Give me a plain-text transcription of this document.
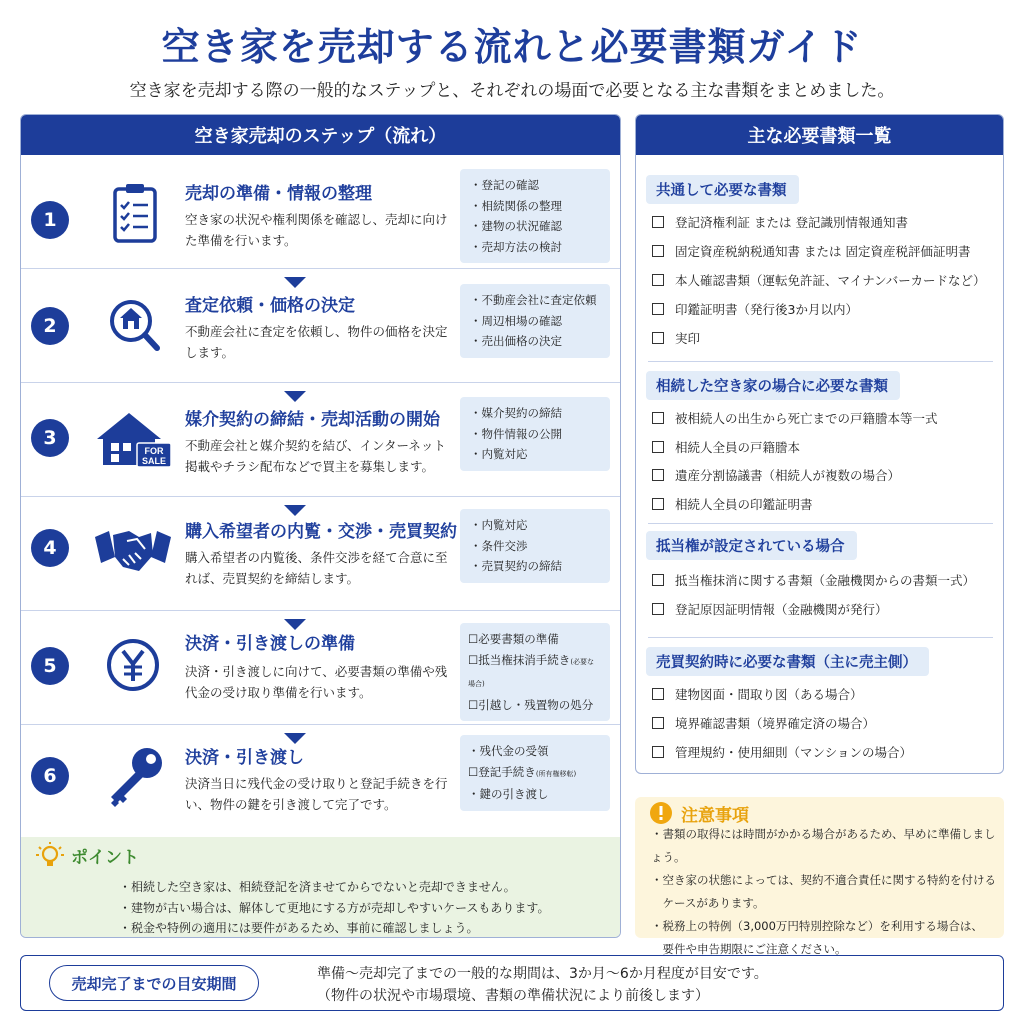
空き家を売却する流れと必要書類ガイド
空き家を売却する際の一般的なステップと、それぞれの場面で必要となる主な書類をまとめました。
空き家売却のステップ（流れ）
1
売却の準備・情報の整理
空き家の状況や権利関係を確認し、売却に向けた準備を行います。
・登記の確認
・相続関係の整理
・建物の状況確認
・売却方法の検討
2
査定依頼・価格の決定
不動産会社に査定を依頼し、物件の価格を決定します。
・不動産会社に査定依頼
・周辺相場の確認
・売出価格の決定
3
FOR
SALE
媒介契約の締結・売却活動の開始
不動産会社と媒介契約を結び、インターネット掲載やチラシ配布などで買主を募集します。
・媒介契約の締結
・物件情報の公開
・内覧対応
4
購入希望者の内覧・交渉・売買契約
購入希望者の内覧後、条件交渉を経て合意に至れば、売買契約を締結します。
・内覧対応
・条件交渉
・売買契約の締結
5
決済・引き渡しの準備
決済・引き渡しに向けて、必要書類の準備や残代金の受け取り準備を行います。
☐必要書類の準備
☐抵当権抹消手続き(必要な場合)
☐引越し・残置物の処分
6
決済・引き渡し
決済当日に残代金の受け取りと登記手続きを行い、物件の鍵を引き渡して完了です。
・残代金の受領
☐登記手続き(所有権移転)
・鍵の引き渡し
ポイント
・相続した空き家は、相続登記を済ませてからでないと売却できません。
・建物が古い場合は、解体して更地にする方が売却しやすいケースもあります。
・税金や特例の適用には要件があるため、事前に確認しましょう。
主な必要書類一覧
共通して必要な書類
登記済権利証 または 登記識別情報通知書
固定資産税納税通知書 または 固定資産税評価証明書
本人確認書類（運転免許証、マイナンバーカードなど）
印鑑証明書（発行後3か月以内）
実印
相続した空き家の場合に必要な書類
被相続人の出生から死亡までの戸籍謄本等一式
相続人全員の戸籍謄本
遺産分割協議書（相続人が複数の場合）
相続人全員の印鑑証明書
抵当権が設定されている場合
抵当権抹消に関する書類（金融機関からの書類一式）
登記原因証明情報（金融機関が発行）
売買契約時に必要な書類（主に売主側）
建物図面・間取り図（ある場合）
境界確認書類（境界確定済の場合）
管理規約・使用細則（マンションの場合）
注意事項
・書類の取得には時間がかかる場合があるため、早めに準備しましょう。
・空き家の状態によっては、契約不適合責任に関する特約を付ける
　ケースがあります。
・税務上の特例（3,000万円特別控除など）を利用する場合は、
　要件や申告期限にご注意ください。
売却完了までの目安期間
準備〜売却完了までの一般的な期間は、3か月〜6か月程度が目安です。
（物件の状況や市場環境、書類の準備状況により前後します）
